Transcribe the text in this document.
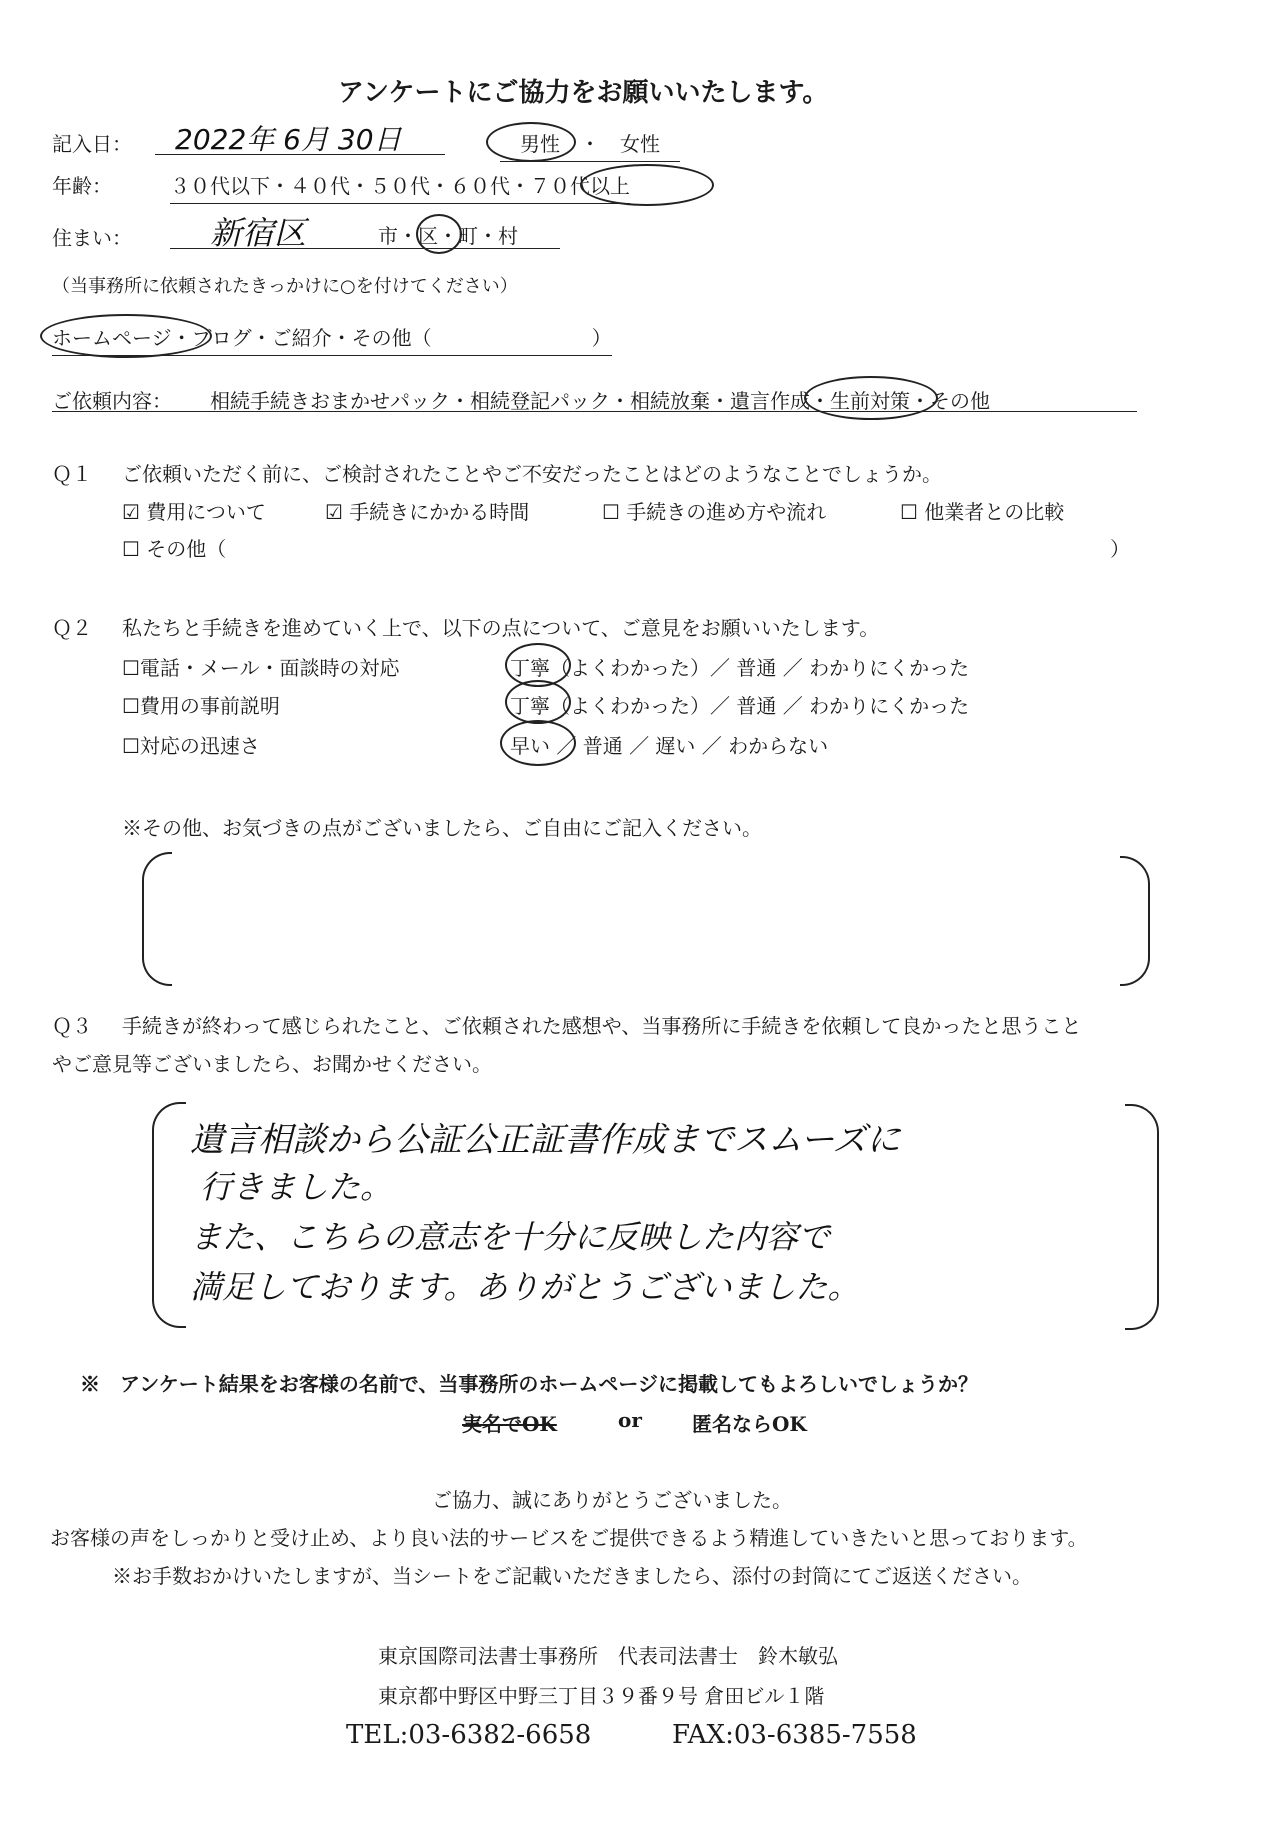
アンケートにご協力をお願いいたします。
記入日： 2022年 6月 30日	男性　・　女性
年齢：	３０代以下・４０代・５０代・６０代・７０代以上
住まい： 新宿区	市・区・町・村
（当事務所に依頼されたきっかけに○を付けてください）
ホームページ・ブログ・ご紹介・その他（　　　　　　　　）
ご依頼内容： 相続手続きおまかせパック・相続登記パック・相続放棄・遺言作成・生前対策・その他
Ｑ１ ご依頼いただく前に、ご検討されたことやご不安だったことはどのようなことでしょうか。
☑ 費用について	☑ 手続きにかかる時間	☐ 手続きの進め方や流れ	☐ 他業者との比較
☐ その他（	）
Ｑ２ 私たちと手続きを進めていく上で、以下の点について、ご意見をお願いいたします。
☐電話・メール・面談時の対応	丁寧（よくわかった）／ 普通 ／ わかりにくかった
☐費用の事前説明	丁寧（よくわかった）／ 普通 ／ わかりにくかった
☐対応の迅速さ	早い ／ 普通 ／ 遅い ／ わからない
※その他、お気づきの点がございましたら、ご自由にご記入ください。
Ｑ３ 手続きが終わって感じられたこと、ご依頼された感想や、当事務所に手続きを依頼して良かったと思うこと
やご意見等ございましたら、お聞かせください。
遺言相談から公証公正証書作成までスムーズに
行きました。
また、こちらの意志を十分に反映した内容で
満足しております。ありがとうございました。
※　アンケート結果をお客様の名前で、当事務所のホームページに掲載してもよろしいでしょうか？
実名でOK	or	匿名ならOK
ご協力、誠にありがとうございました。
お客様の声をしっかりと受け止め、より良い法的サービスをご提供できるよう精進していきたいと思っております。
※お手数おかけいたしますが、当シートをご記載いただきましたら、添付の封筒にてご返送ください。
東京国際司法書士事務所　代表司法書士　鈴木敏弘
東京都中野区中野三丁目３９番９号 倉田ビル１階
TEL:03-6382-6658	FAX:03-6385-7558
